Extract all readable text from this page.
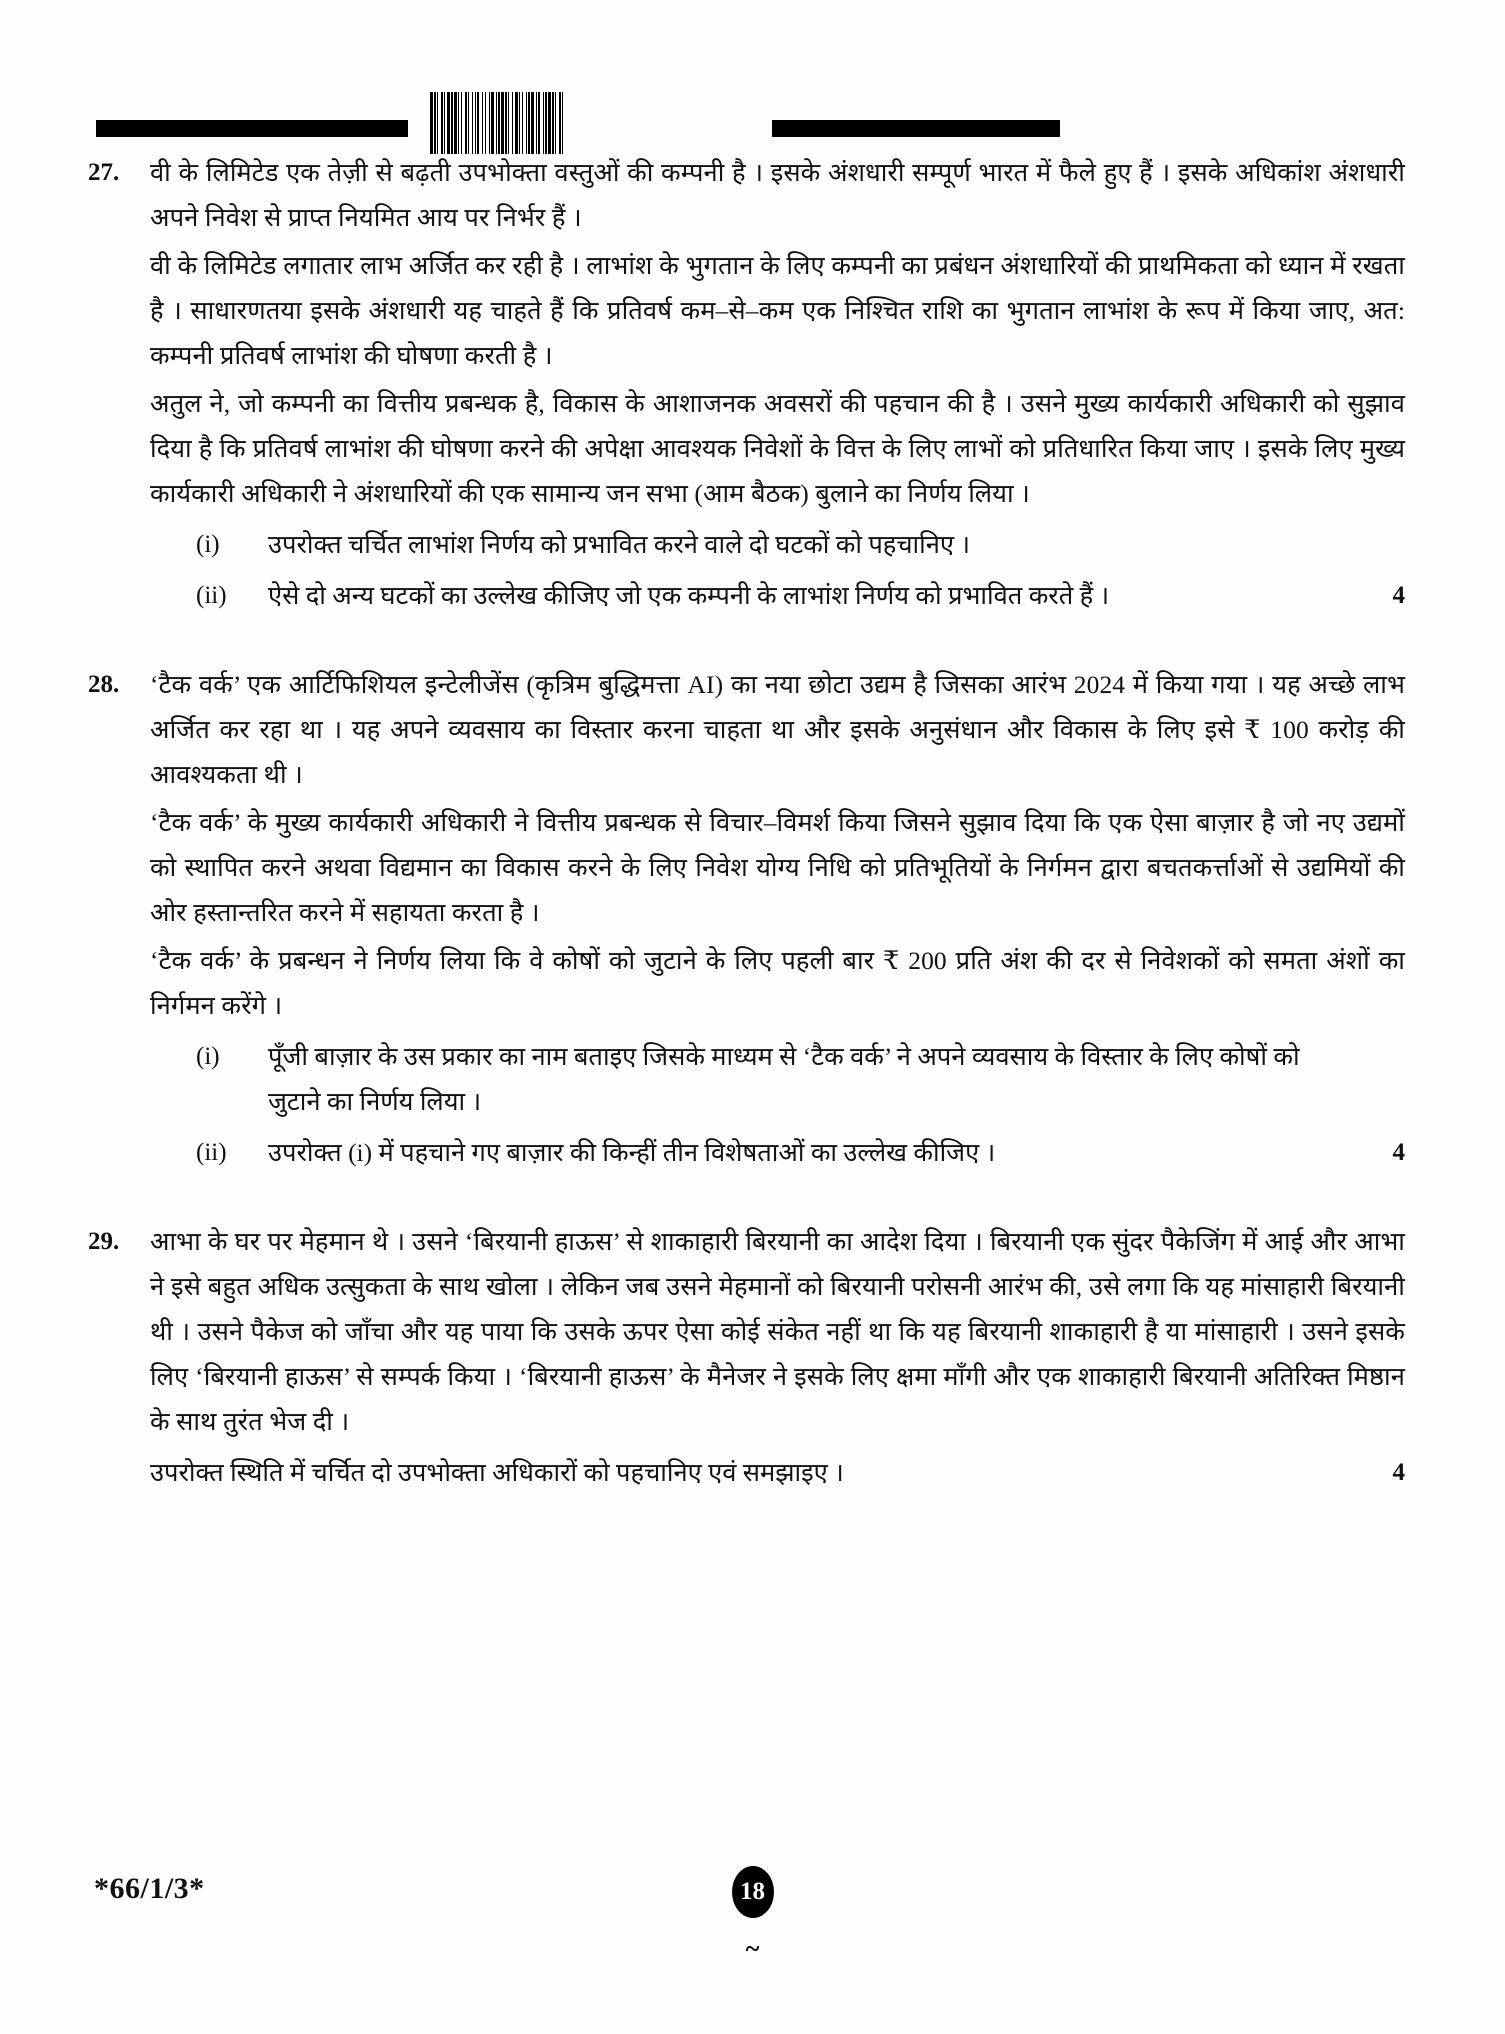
27.	वी के लिमिटेड एक तेज़ी से बढ़ती उपभोक्ता वस्तुओं की कम्पनी है । इसके अंशधारी सम्पूर्ण भारत में फैले हुए हैं । इसके अधिकांश अंशधारी अपने निवेश से प्राप्त नियमित आय पर निर्भर हैं ।

वी के लिमिटेड लगातार लाभ अर्जित कर रही है । लाभांश के भुगतान के लिए कम्पनी का प्रबंधन अंशधारियों की प्राथमिकता को ध्यान में रखता है । साधारणतया इसके अंशधारी यह चाहते हैं कि प्रतिवर्ष कम–से–कम एक निश्चित राशि का भुगतान लाभांश के रूप में किया जाए, अत: कम्पनी प्रतिवर्ष लाभांश की घोषणा करती है ।

अतुल ने, जो कम्पनी का वित्तीय प्रबन्धक है, विकास के आशाजनक अवसरों की पहचान की है । उसने मुख्य कार्यकारी अधिकारी को सुझाव दिया है कि प्रतिवर्ष लाभांश की घोषणा करने की अपेक्षा आवश्यक निवेशों के वित्त के लिए लाभों को प्रतिधारित किया जाए । इसके लिए मुख्य कार्यकारी अधिकारी ने अंशधारियों की एक सामान्य जन सभा (आम बैठक) बुलाने का निर्णय लिया ।

(i)	उपरोक्त चर्चित लाभांश निर्णय को प्रभावित करने वाले दो घटकों को पहचानिए ।
(ii)	ऐसे दो अन्य घटकों का उल्लेख कीजिए जो एक कम्पनी के लाभांश निर्णय को प्रभावित करते हैं ।	4
28.	‘टैक वर्क’ एक आर्टिफिशियल इन्टेलीजेंस (कृत्रिम बुद्धिमत्ता AI) का नया छोटा उद्यम है जिसका आरंभ 2024 में किया गया । यह अच्छे लाभ अर्जित कर रहा था । यह अपने व्यवसाय का विस्तार करना चाहता था और इसके अनुसंधान और विकास के लिए इसे ₹ 100 करोड़ की आवश्यकता थी ।

‘टैक वर्क’ के मुख्य कार्यकारी अधिकारी ने वित्तीय प्रबन्धक से विचार–विमर्श किया जिसने सुझाव दिया कि एक ऐसा बाज़ार है जो नए उद्यमों को स्थापित करने अथवा विद्यमान का विकास करने के लिए निवेश योग्य निधि को प्रतिभूतियों के निर्गमन द्वारा बचतकर्त्ताओं से उद्यमियों की ओर हस्तान्तरित करने में सहायता करता है ।

‘टैक वर्क’ के प्रबन्धन ने निर्णय लिया कि वे कोषों को जुटाने के लिए पहली बार ₹ 200 प्रति अंश की दर से निवेशकों को समता अंशों का निर्गमन करेंगे ।

(i)	पूँजी बाज़ार के उस प्रकार का नाम बताइए जिसके माध्यम से ‘टैक वर्क’ ने अपने व्यवसाय के विस्तार के लिए कोषों को जुटाने का निर्णय लिया ।
(ii)	उपरोक्त (i) में पहचाने गए बाज़ार की किन्हीं तीन विशेषताओं का उल्लेख कीजिए ।	4
29.	आभा के घर पर मेहमान थे । उसने ‘बिरयानी हाऊस’ से शाकाहारी बिरयानी का आदेश दिया । बिरयानी एक सुंदर पैकेजिंग में आई और आभा ने इसे बहुत अधिक उत्सुकता के साथ खोला । लेकिन जब उसने मेहमानों को बिरयानी परोसनी आरंभ की, उसे लगा कि यह मांसाहारी बिरयानी थी । उसने पैकेज को जाँचा और यह पाया कि उसके ऊपर ऐसा कोई संकेत नहीं था कि यह बिरयानी शाकाहारी है या मांसाहारी । उसने इसके लिए ‘बिरयानी हाऊस’ से सम्पर्क किया । ‘बिरयानी हाऊस’ के मैनेजर ने इसके लिए क्षमा माँगी और एक शाकाहारी बिरयानी अतिरिक्त मिष्ठान के साथ तुरंत भेज दी ।

उपरोक्त स्थिति में चर्चित दो उपभोक्ता अधिकारों को पहचानिए एवं समझाइए ।	4
*66/1/3*	18
~
